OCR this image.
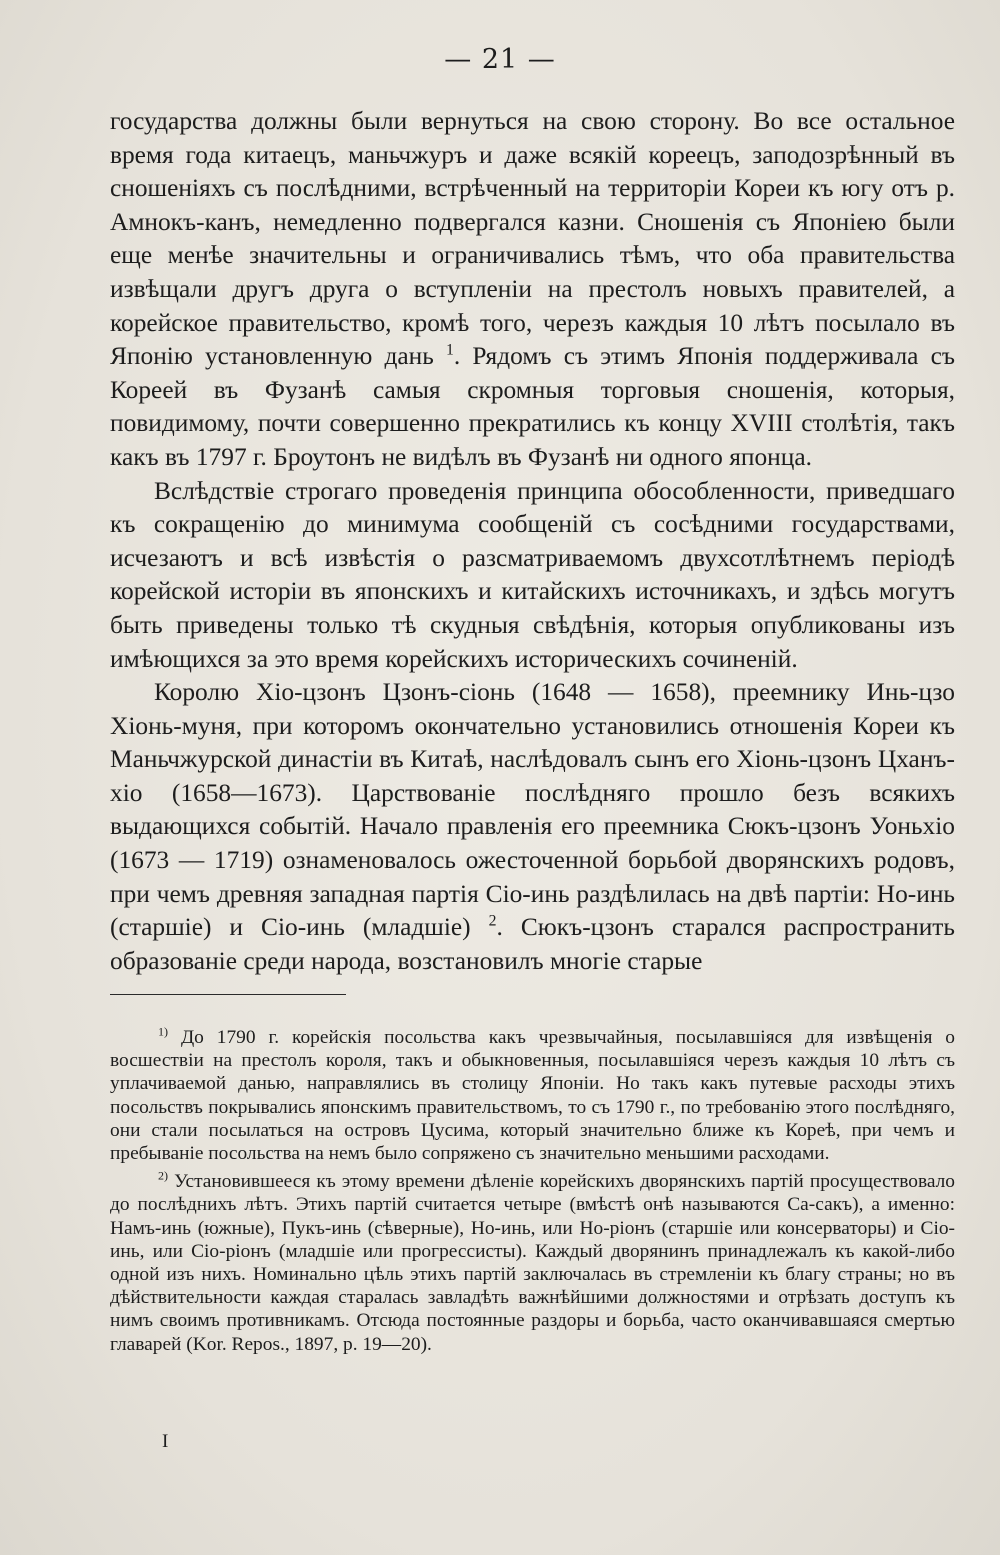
— 21 —

государства должны были вернуться на свою сторону. Во все остальное время года китаецъ, маньчжуръ и даже всякій кореецъ, заподозрѣнный въ сношеніяхъ съ послѣдними, встрѣченный на территоріи Кореи къ югу отъ р. Амнокъ-канъ, немедленно подвергался казни. Сношенія съ Японіею были еще менѣе значительны и ограничивались тѣмъ, что оба правительства извѣщали другъ друга о вступленіи на престолъ новыхъ правителей, а корейское правительство, кромѣ того, черезъ каждыя 10 лѣтъ посылало въ Японію установленную дань $^1$. Рядомъ съ этимъ Японія поддерживала съ Кореей въ Фузанѣ самыя скромныя торговыя сношенія, которыя, повидимому, почти совершенно прекратились къ концу XVIII столѣтія, такъ какъ въ 1797 г. Броутонъ не видѣлъ въ Фузанѣ ни одного японца.

Вслѣдствіе строгаго проведенія принципа обособленности, приведшаго къ сокращенію до минимума сообщеній съ сосѣдними государствами, исчезаютъ и всѣ извѣстія о разсматриваемомъ двухсотлѣтнемъ періодѣ корейской исторіи въ японскихъ и китайскихъ источникахъ, и здѣсь могутъ быть приведены только тѣ скудныя свѣдѣнія, которыя опубликованы изъ имѣющихся за это время корейскихъ историческихъ сочиненій.

Королю Хіо-цзонъ Цзонъ-сіонь (1648 — 1658), преемнику Инь-цзо Хіонь-муня, при которомъ окончательно установились отношенія Кореи къ Маньчжурской династіи въ Китаѣ, наслѣдовалъ сынъ его Хіонь-цзонъ Цханъ-хіо (1658—1673). Царствованіе послѣдняго прошло безъ всякихъ выдающихся событій. Начало правленія его преемника Сюкъ-цзонъ Уоньхіо (1673 — 1719) ознаменовалось ожесточенной борьбой дворянскихъ родовъ, при чемъ древняя западная партія Сіо-инь раздѣлилась на двѣ партіи: Но-инь (старшіе) и Сіо-инь (младшіе) $^2$. Сюкъ-цзонъ старался распространить образованіе среди народа, возстановилъ многіе старые

$^{1)}$ До 1790 г. корейскія посольства какъ чрезвычайныя, посылавшіяся для извѣщенія о восшествіи на престолъ короля, такъ и обыкновенныя, посылавшіяся черезъ каждыя 10 лѣтъ съ уплачиваемой данью, направлялись въ столицу Японіи. Но такъ какъ путевые расходы этихъ посольствъ покрывались японскимъ правительствомъ, то съ 1790 г., по требованію этого послѣдняго, они стали посылаться на островъ Цусима, который значительно ближе къ Кореѣ, при чемъ и пребываніе посольства на немъ было сопряжено съ значительно меньшими расходами.

$^{2)}$ Установившееся къ этому времени дѣленіе корейскихъ дворянскихъ партій просуществовало до послѣднихъ лѣтъ. Этихъ партій считается четыре (вмѣстѣ онѣ называются Са-сакъ), а именно: Намъ-инь (южные), Пукъ-инь (сѣверные), Но-инь, или Но-ріонъ (старшіе или консерваторы) и Сіо-инь, или Сіо-ріонъ (младшіе или прогрессисты). Каждый дворянинъ принадлежалъ къ какой-либо одной изъ нихъ. Номинально цѣль этихъ партій заключалась въ стремленіи къ благу страны; но въ дѣйствительности каждая старалась завладѣть важнѣйшими должностями и отрѣзать доступъ къ нимъ своимъ противникамъ. Отсюда постоянные раздоры и борьба, часто оканчивавшаяся смертью главарей (Kor. Repos., 1897, p. 19—20).

I
